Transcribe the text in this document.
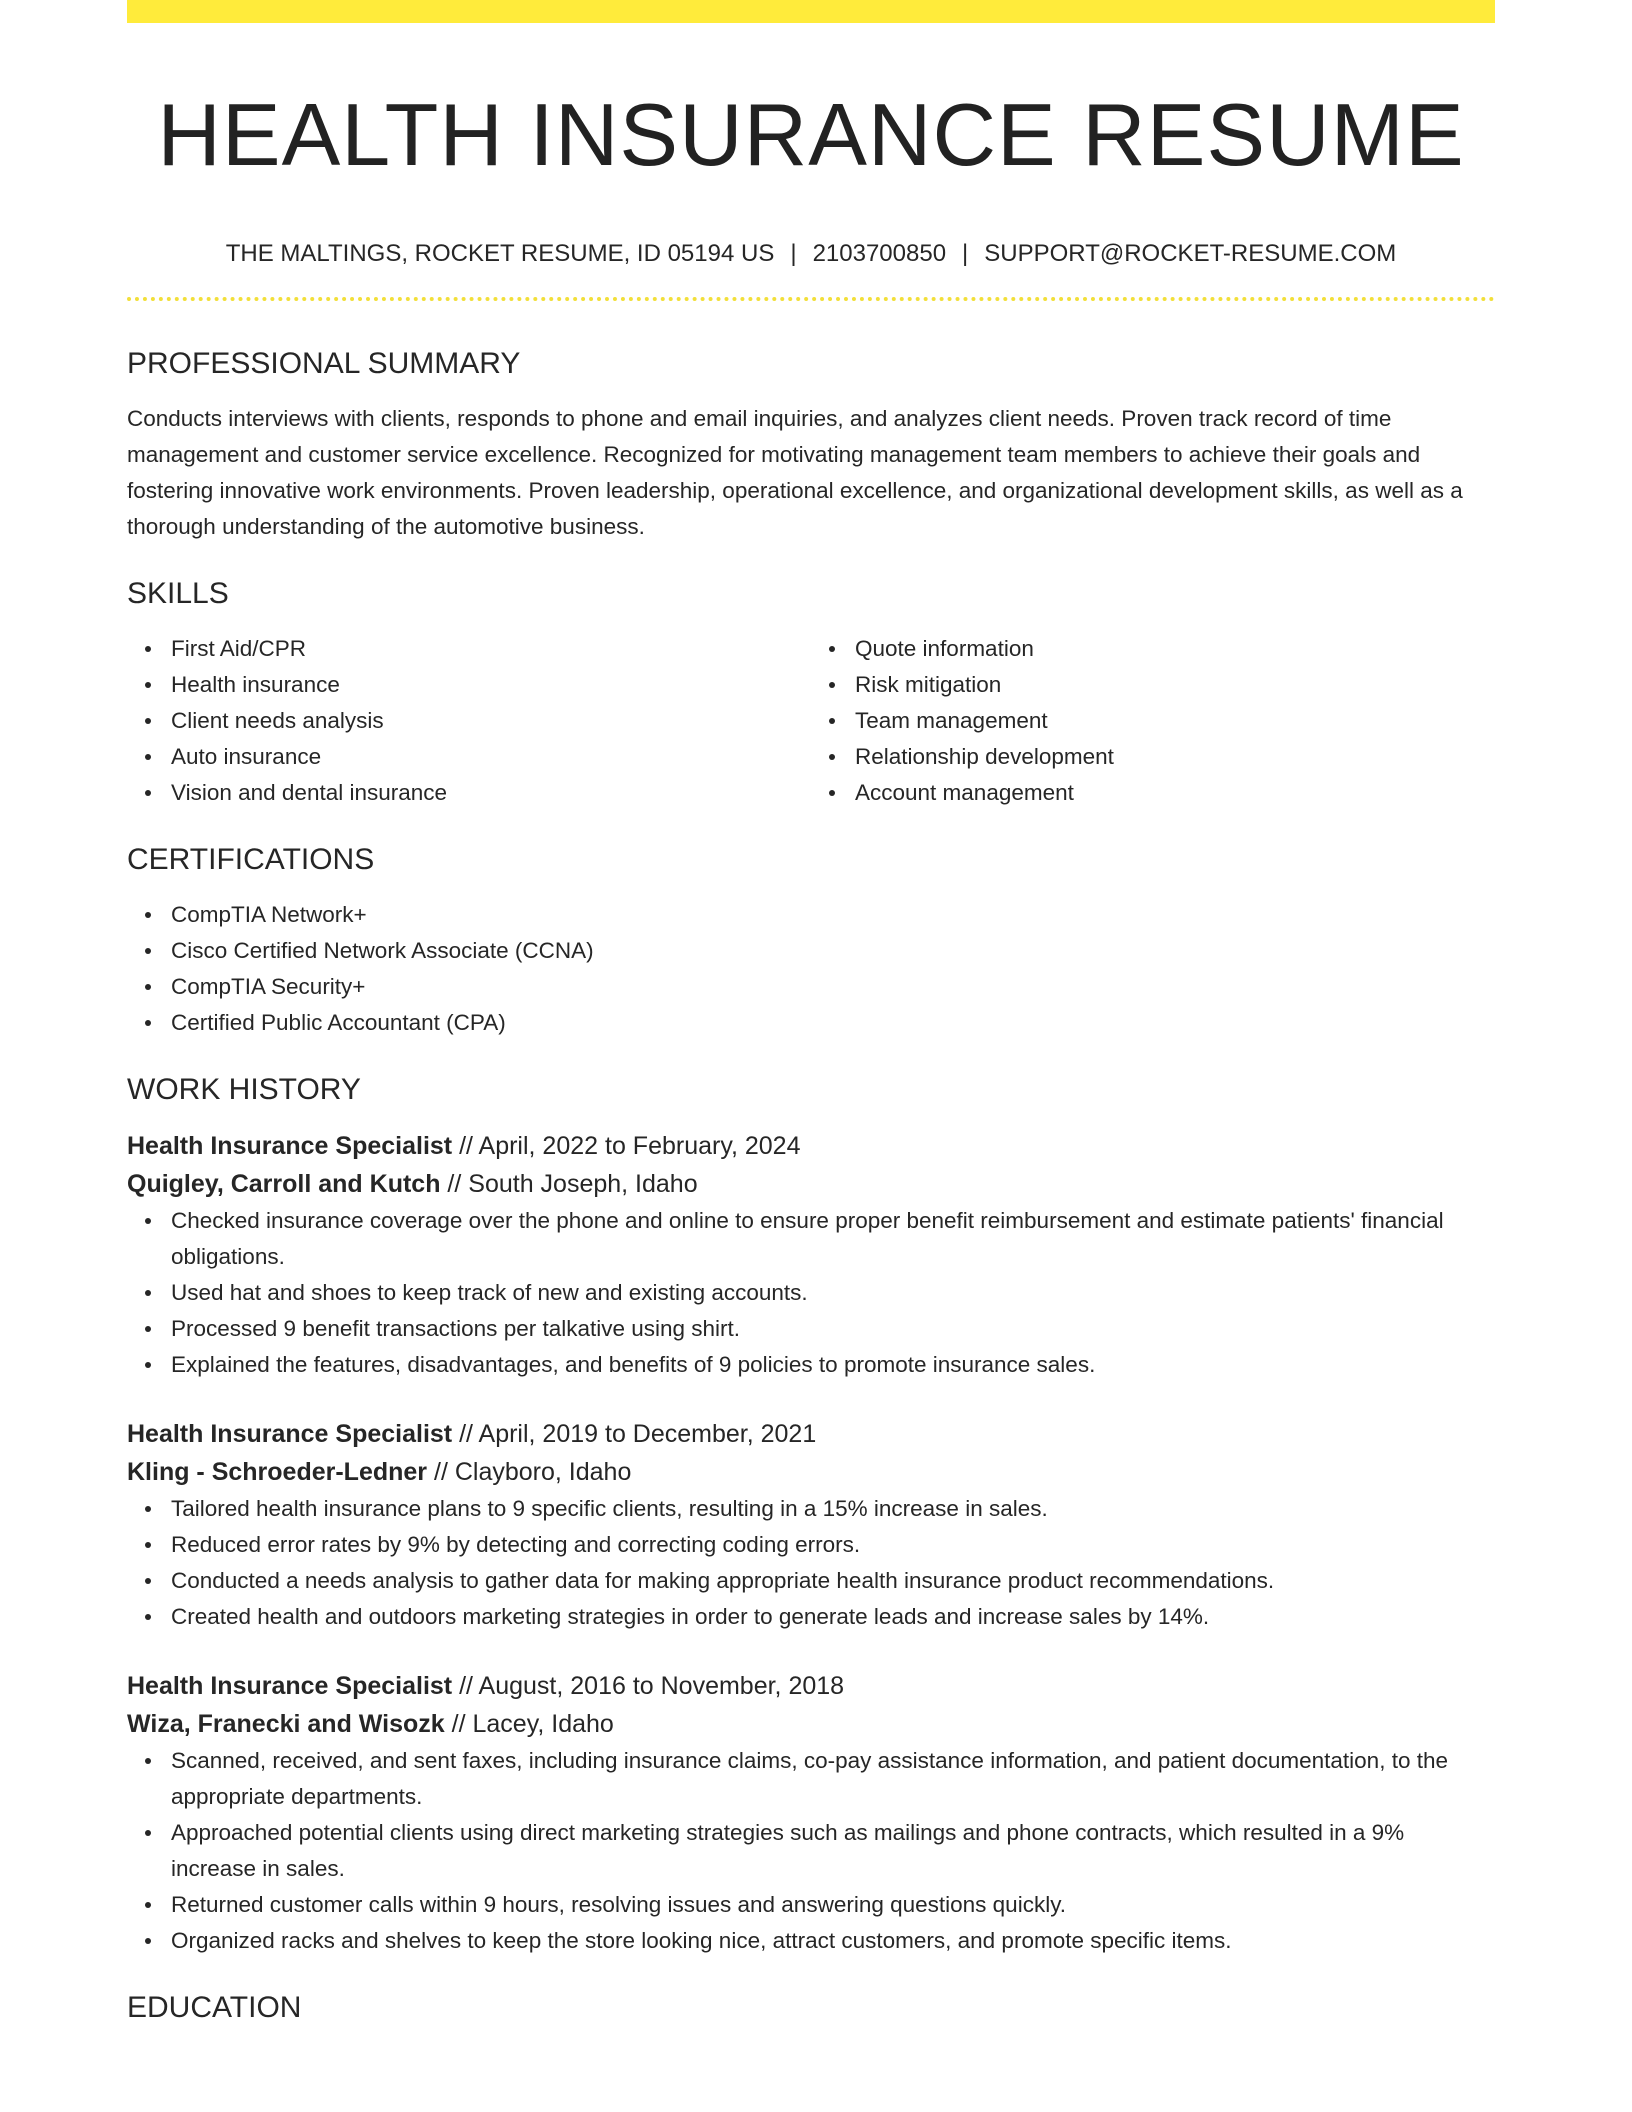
HEALTH INSURANCE RESUME
THE MALTINGS, ROCKET RESUME, ID 05194 US | 2103700850 | SUPPORT@ROCKET-RESUME.COM
PROFESSIONAL SUMMARY

Conducts interviews with clients, responds to phone and email inquiries, and analyzes client needs. Proven track record of time management and customer service excellence. Recognized for motivating management team members to achieve their goals and fostering innovative work environments. Proven leadership, operational excellence, and organizational development skills, as well as a thorough understanding of the automotive business.

SKILLS
First Aid/CPR
Health insurance
Client needs analysis
Auto insurance
Vision and dental insurance
Quote information
Risk mitigation
Team management
Relationship development
Account management
CERTIFICATIONS
CompTIA Network+
Cisco Certified Network Associate (CCNA)
CompTIA Security+
Certified Public Accountant (CPA)
WORK HISTORY

Health Insurance Specialist // April, 2022 to February, 2024

Quigley, Carroll and Kutch // South Joseph, Idaho

Checked insurance coverage over the phone and online to ensure proper benefit reimbursement and estimate patients' financial obligations.
Used hat and shoes to keep track of new and existing accounts.
Processed 9 benefit transactions per talkative using shirt.
Explained the features, disadvantages, and benefits of 9 policies to promote insurance sales.

Health Insurance Specialist // April, 2019 to December, 2021

Kling - Schroeder-Ledner // Clayboro, Idaho

Tailored health insurance plans to 9 specific clients, resulting in a 15% increase in sales.
Reduced error rates by 9% by detecting and correcting coding errors.
Conducted a needs analysis to gather data for making appropriate health insurance product recommendations.
Created health and outdoors marketing strategies in order to generate leads and increase sales by 14%.

Health Insurance Specialist // August, 2016 to November, 2018

Wiza, Franecki and Wisozk // Lacey, Idaho

Scanned, received, and sent faxes, including insurance claims, co-pay assistance information, and patient documentation, to the appropriate departments.
Approached potential clients using direct marketing strategies such as mailings and phone contracts, which resulted in a 9% increase in sales.
Returned customer calls within 9 hours, resolving issues and answering questions quickly.
Organized racks and shelves to keep the store looking nice, attract customers, and promote specific items.
EDUCATION
